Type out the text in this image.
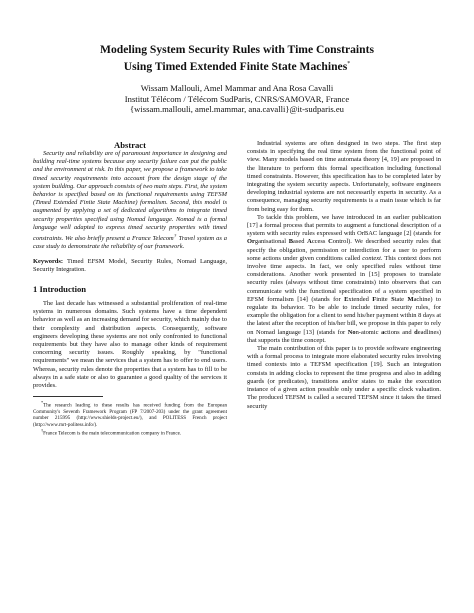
Modeling System Security Rules with Time Constraints
Using Timed Extended Finite State Machines*
Wissam Mallouli, Amel Mammar and Ana Rosa Cavalli
Institut Télécom / Télécom SudParis, CNRS/SAMOVAR, France
{wissam.mallouli, amel.mammar, ana.cavalli}@it-sudparis.eu

Abstract

Security and reliability are of paramount importance in designing and building real-time systems because any security failure can put the public and the environment at risk. In this paper, we propose a framework to take timed security requirements into account from the design stage of the system building. Our approach consists of two main steps. First, the system behavior is specified based on its functional requirements using TEFSM (Timed Extended Finite State Machine) formalism. Second, this model is augmented by applying a set of dedicated algorithms to integrate timed security properties specified using Nomad language. Nomad is a formal language well adapted to express timed security properties with timed constraints. We also briefly present a France Telecom† Travel system as a case study to demonstrate the reliability of our framework.

Keywords: Timed EFSM Model, Security Rules, Nomad Language, Security Integration.

1 Introduction

The last decade has witnessed a substantial proliferation of real-time systems in numerous domains. Such systems have a time dependent behavior as well as an increasing demand for security, which mainly due to their complexity and distribution aspects. Consequently, software engineers developing these systems are not only confronted to functional requirements but they have also to manage other kinds of requirement concerning security issues. Roughly speaking, by "functional requirements" we mean the services that a system has to offer to end users. Whereas, security rules denote the properties that a system has to fill to be always in a safe state or also to guarantee a good quality of the services it provides.

*The research leading to these results has received funding from the European Community's Seventh Framework Program (FP 7/2007-203) under the grant agreement number 215995 (http://www.shields-project.eu/), and POLITESS French project (http://www.rnrt-politess.info/).

†France Telecom is the main telecommunication company in France.

Industrial systems are often designed in two steps. The first step consists in specifying the real time system from the functional point of view. Many models based on time automata theory [4, 19] are proposed in the literature to perform this formal specification including functional timed constraints. However, this specification has to be completed later by integrating the system security aspects. Unfortunately, software engineers developing industrial systems are not necessarily experts in security. As a consequence, managing security requirements is a main issue which is far from being easy for them.

To tackle this problem, we have introduced in an earlier publication [17] a formal process that permits to augment a functional description of a system with security rules expressed with OrBAC language [2] (stands for Organisational Based Access Control). We described security rules that specify the obligation, permission or interdiction for a user to perform some actions under given conditions called context. This context does not involve time aspects. In fact, we only specified rules without time considerations. Another work presented in [15] proposes to translate security rules (always without time constraints) into observers that can communicate with the functional specification of a system specified in EFSM formalism [14] (stands for Extended Finite State Machine) to regulate its behavior. To be able to include timed security rules, for example the obligation for a client to send his/her payment within 8 days at the latest after the reception of his/her bill, we propose in this paper to rely on Nomad language [13] (stands for Non-atomic actions and deadlines) that supports the time concept.

The main contribution of this paper is to provide software engineering with a formal process to integrate more elaborated security rules involving timed contexts into a TEFSM specification [19]. Such an integration consists in adding clocks to represent the time progress and also in adding guards (or predicates), transitions and/or states to make the execution instance of a given action possible only under a specific clock valuation. The produced TEFSM is called a secured TEFSM since it takes the timed security
